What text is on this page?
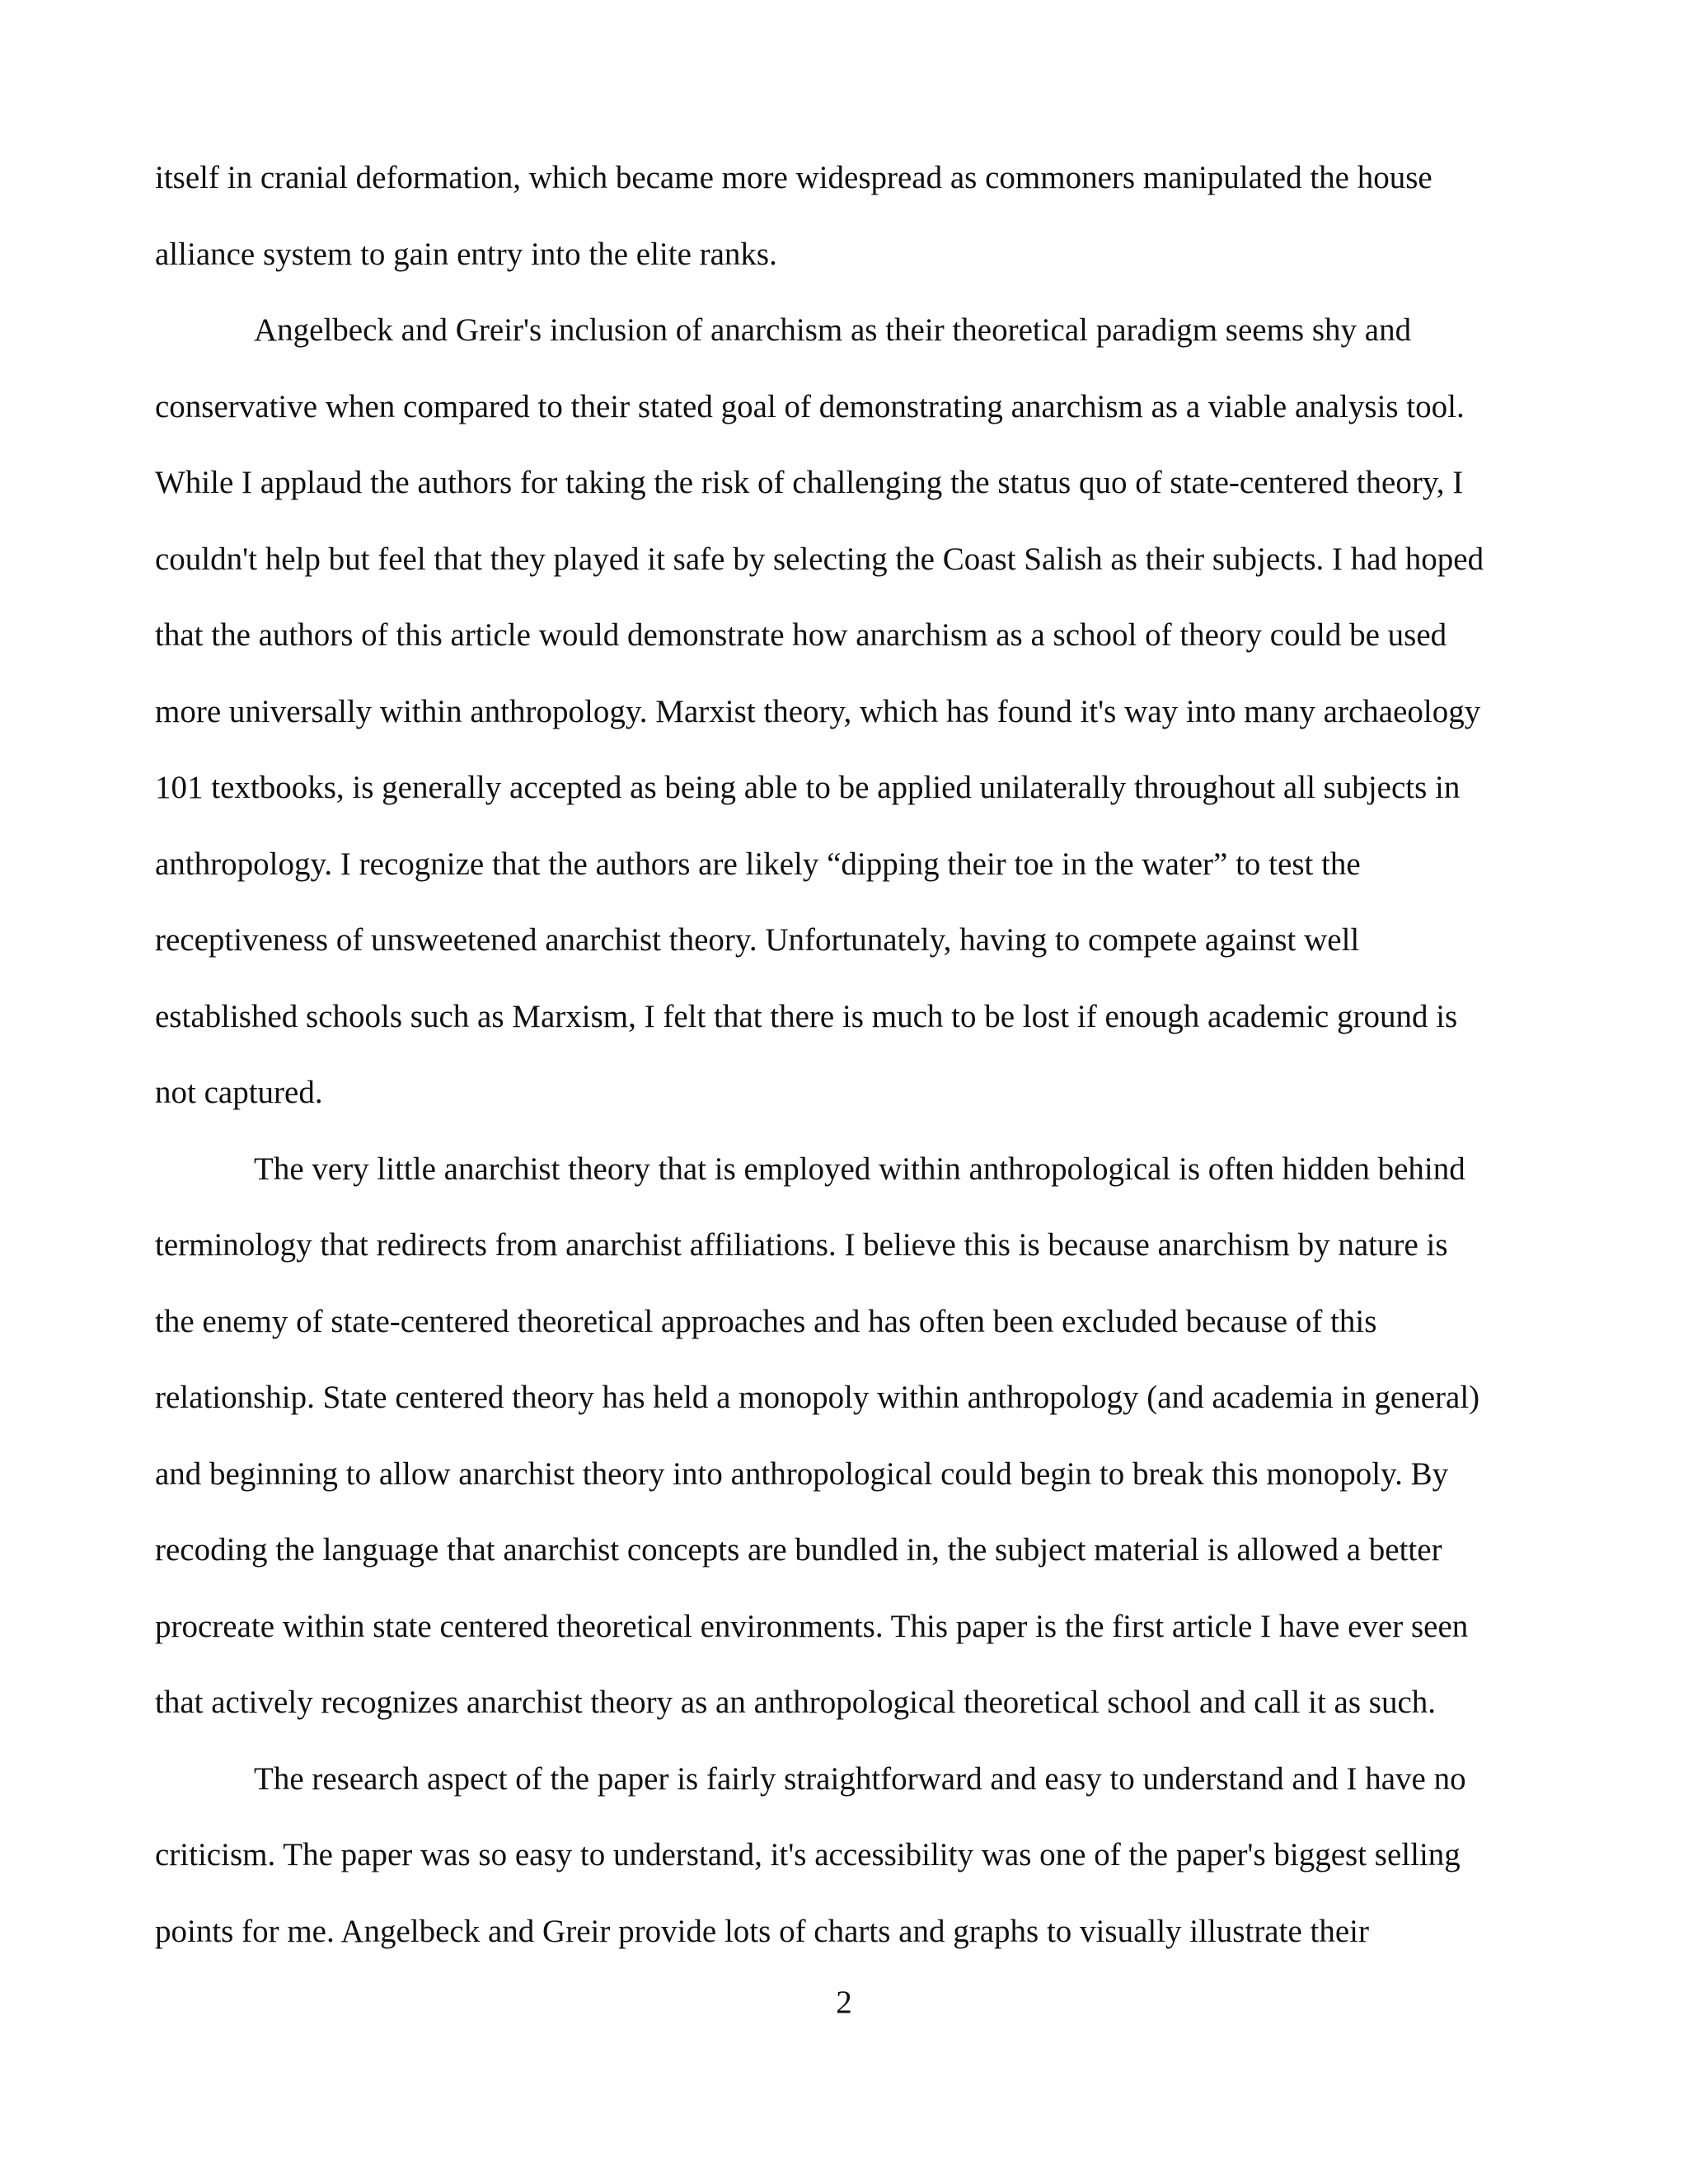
itself in cranial deformation, which became more widespread as commoners manipulated the house
alliance system to gain entry into the elite ranks.
Angelbeck and Greir's inclusion of anarchism as their theoretical paradigm seems shy and
conservative when compared to their stated goal of demonstrating anarchism as a viable analysis tool.
While I applaud the authors for taking the risk of challenging the status quo of state-centered theory, I
couldn't help but feel that they played it safe by selecting the Coast Salish as their subjects. I had hoped
that the authors of this article would demonstrate how anarchism as a school of theory could be used
more universally within anthropology. Marxist theory, which has found it's way into many archaeology
101 textbooks, is generally accepted as being able to be applied unilaterally throughout all subjects in
anthropology. I recognize that the authors are likely “dipping their toe in the water” to test the
receptiveness of unsweetened anarchist theory. Unfortunately, having to compete against well
established schools such as Marxism, I felt that there is much to be lost if enough academic ground is
not captured.
The very little anarchist theory that is employed within anthropological is often hidden behind
terminology that redirects from anarchist affiliations. I believe this is because anarchism by nature is
the enemy of state-centered theoretical approaches and has often been excluded because of this
relationship. State centered theory has held a monopoly within anthropology (and academia in general)
and beginning to allow anarchist theory into anthropological could begin to break this monopoly. By
recoding the language that anarchist concepts are bundled in, the subject material is allowed a better
procreate within state centered theoretical environments. This paper is the first article I have ever seen
that actively recognizes anarchist theory as an anthropological theoretical school and call it as such.
The research aspect of the paper is fairly straightforward and easy to understand and I have no
criticism. The paper was so easy to understand, it's accessibility was one of the paper's biggest selling
points for me. Angelbeck and Greir provide lots of charts and graphs to visually illustrate their
2
